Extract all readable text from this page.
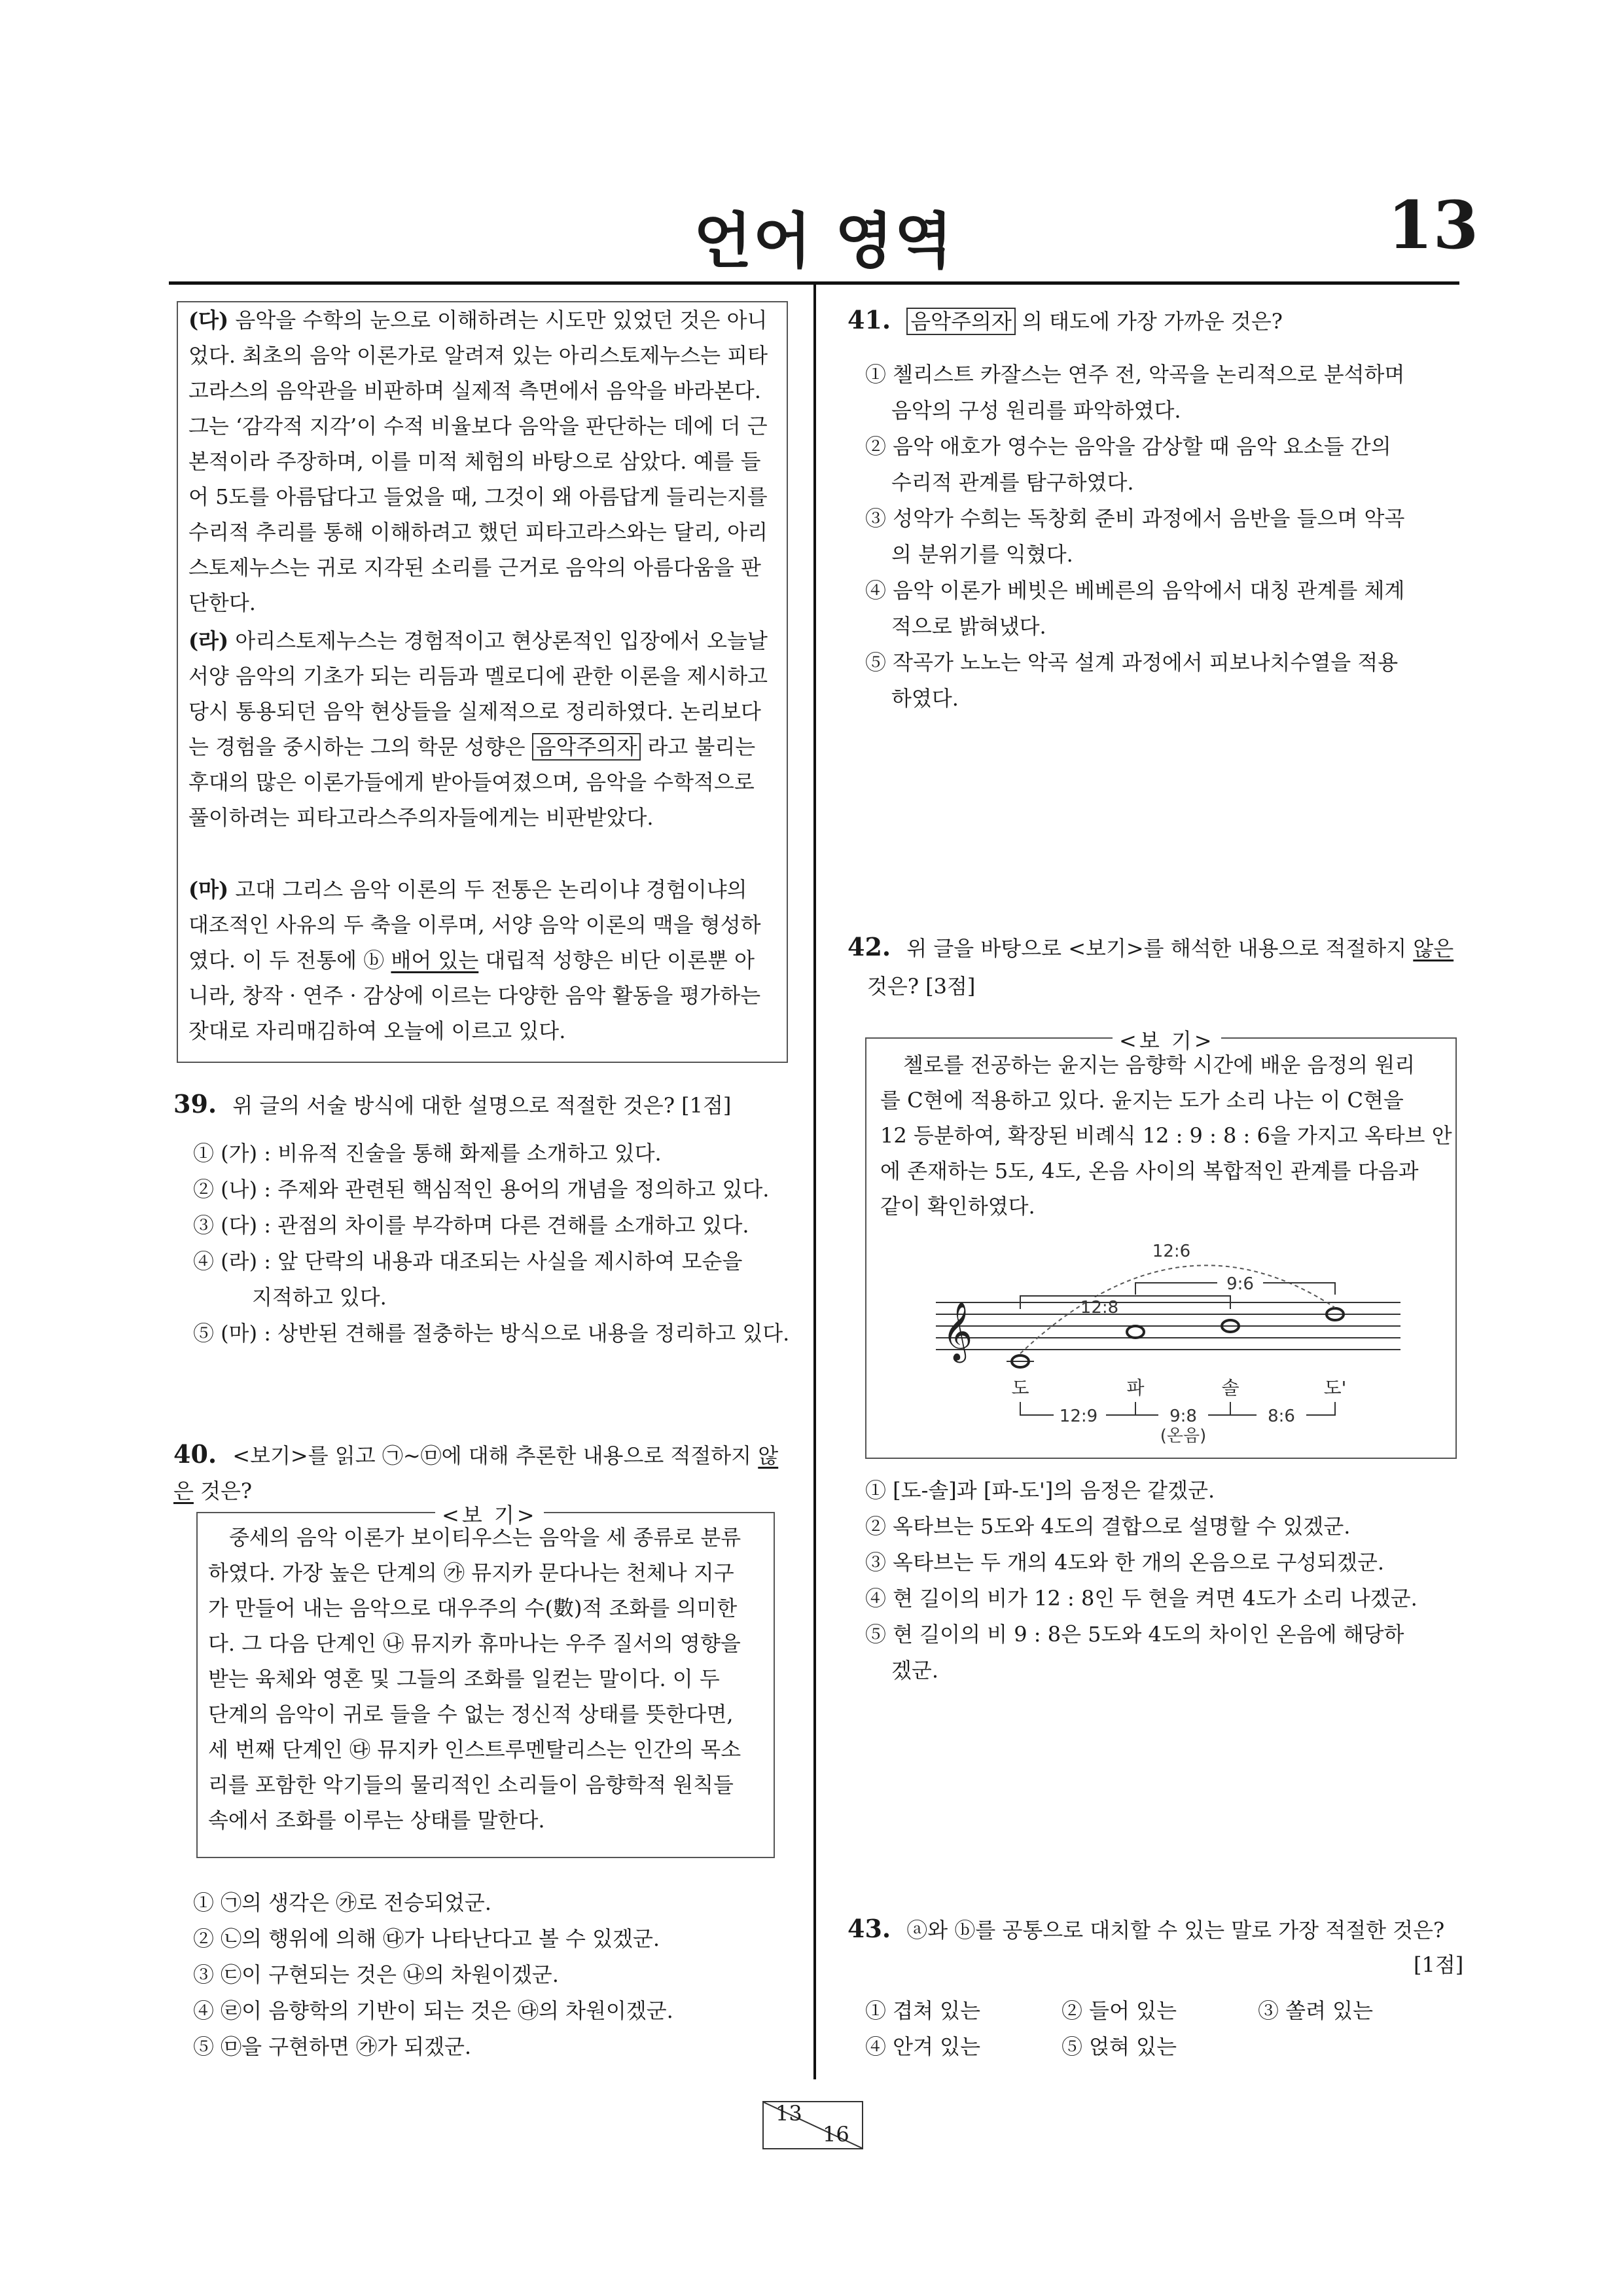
언어 영역	13
(다) 음악을 수학의 눈으로 이해하려는 시도만 있었던 것은 아니었다. 최초의 음악 이론가로 알려져 있는 아리스토제누스는 피타고라스의 음악관을 비판하며 실제적 측면에서 음악을 바라본다. 그는 ‘감각적 지각’이 수적 비율보다 음악을 판단하는 데에 더 근본적이라 주장하며, 이를 미적 체험의 바탕으로 삼았다. 예를 들어 5도를 아름답다고 들었을 때, 그것이 왜 아름답게 들리는지를 수리적 추리를 통해 이해하려고 했던 피타고라스와는 달리, 아리스토제누스는 귀로 지각된 소리를 근거로 음악의 아름다움을 판단한다.
(라) 아리스토제누스는 경험적이고 현상론적인 입장에서 오늘날 서양 음악의 기초가 되는 리듬과 멜로디에 관한 이론을 제시하고 당시 통용되던 음악 현상들을 실제적으로 정리하였다. 논리보다는 경험을 중시하는 그의 학문 성향은 음악주의자 라고 불리는 후대의 많은 이론가들에게 받아들여졌으며, 음악을 수학적으로 풀이하려는 피타고라스주의자들에게는 비판받았다.
(마) 고대 그리스 음악 이론의 두 전통은 논리이냐 경험이냐의 대조적인 사유의 두 축을 이루며, 서양 음악 이론의 맥을 형성하였다. 이 두 전통에 ⓑ 배어 있는 대립적 성향은 비단 이론뿐 아니라, 창작 · 연주 · 감상에 이르는 다양한 음악 활동을 평가하는 잣대로 자리매김하여 오늘에 이르고 있다.
39. 위 글의 서술 방식에 대한 설명으로 적절한 것은? [1점]
① (가) : 비유적 진술을 통해 화제를 소개하고 있다.
② (나) : 주제와 관련된 핵심적인 용어의 개념을 정의하고 있다.
③ (다) : 관점의 차이를 부각하며 다른 견해를 소개하고 있다.
④ (라) : 앞 단락의 내용과 대조되는 사실을 제시하여 모순을
지적하고 있다.
⑤ (마) : 상반된 견해를 절충하는 방식으로 내용을 정리하고 있다.
40. <보기>를 읽고 ㉠~㉤에 대해 추론한 내용으로 적절하지 않은 것은?
<보 기>
중세의 음악 이론가 보이티우스는 음악을 세 종류로 분류
하였다. 가장 높은 단계의 ㉮ 뮤지카 문다나는 천체나 지구
가 만들어 내는 음악으로 대우주의 수(數)적 조화를 의미한
다. 그 다음 단계인 ㉯ 뮤지카 휴마나는 우주 질서의 영향을
받는 육체와 영혼 및 그들의 조화를 일컫는 말이다. 이 두
단계의 음악이 귀로 들을 수 없는 정신적 상태를 뜻한다면,
세 번째 단계인 ㉰ 뮤지카 인스트루멘탈리스는 인간의 목소
리를 포함한 악기들의 물리적인 소리들이 음향학적 원칙들
속에서 조화를 이루는 상태를 말한다.
① ㉠의 생각은 ㉮로 전승되었군.
② ㉡의 행위에 의해 ㉰가 나타난다고 볼 수 있겠군.
③ ㉢이 구현되는 것은 ㉯의 차원이겠군.
④ ㉣이 음향학의 기반이 되는 것은 ㉰의 차원이겠군.
⑤ ㉤을 구현하면 ㉮가 되겠군.
41. 음악주의자 의 태도에 가장 가까운 것은?
① 첼리스트 카잘스는 연주 전, 악곡을 논리적으로 분석하며
음악의 구성 원리를 파악하였다.
② 음악 애호가 영수는 음악을 감상할 때 음악 요소들 간의
수리적 관계를 탐구하였다.
③ 성악가 수희는 독창회 준비 과정에서 음반을 들으며 악곡
의 분위기를 익혔다.
④ 음악 이론가 베빗은 베베른의 음악에서 대칭 관계를 체계
적으로 밝혀냈다.
⑤ 작곡가 노노는 악곡 설계 과정에서 피보나치수열을 적용
하였다.
42. 위 글을 바탕으로 <보기>를 해석한 내용으로 적절하지 않은
것은? [3점]
<보 기>
첼로를 전공하는 윤지는 음향학 시간에 배운 음정의 원리
를 C현에 적용하고 있다. 윤지는 도가 소리 나는 이 C현을
12 등분하여, 확장된 비례식 12 : 9 : 8 : 6을 가지고 옥타브 안
에 존재하는 5도, 4도, 온음 사이의 복합적인 관계를 다음과
같이 확인하였다.
𝄞
12:6
9:6
12:8
도	파	솔	도'
12:9	9:8	8:6
(온음)
① [도-솔]과 [파-도']의 음정은 같겠군.
② 옥타브는 5도와 4도의 결합으로 설명할 수 있겠군.
③ 옥타브는 두 개의 4도와 한 개의 온음으로 구성되겠군.
④ 현 길이의 비가 12 : 8인 두 현을 켜면 4도가 소리 나겠군.
⑤ 현 길이의 비 9 : 8은 5도와 4도의 차이인 온음에 해당하
겠군.
43. ⓐ와 ⓑ를 공통으로 대치할 수 있는 말로 가장 적절한 것은?
[1점]
① 겹쳐 있는	② 들어 있는	③ 쏠려 있는
④ 안겨 있는	⑤ 얹혀 있는
13
16
